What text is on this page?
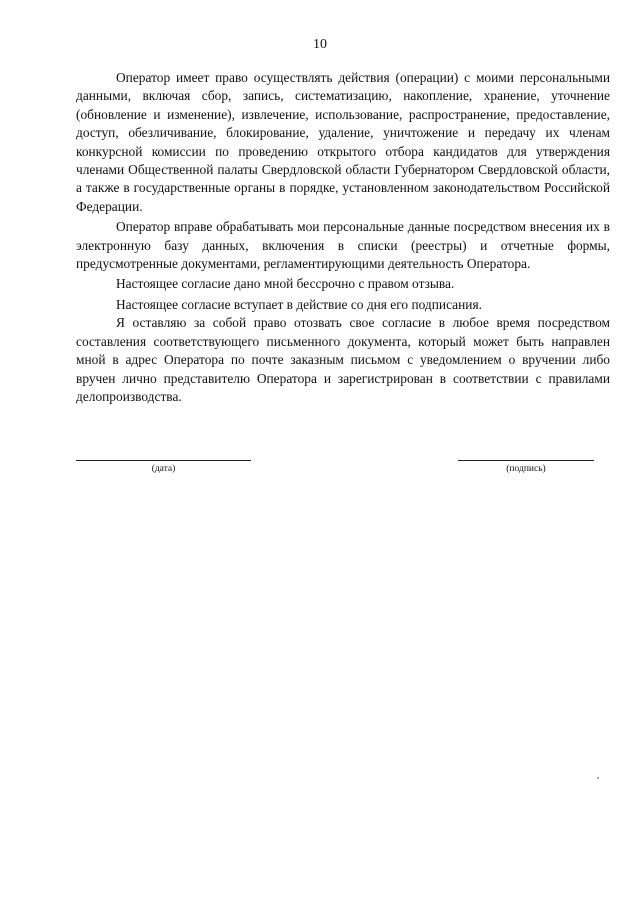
10

Оператор имеет право осуществлять действия (операции) с моими персональными данными, включая сбор, запись, систематизацию, накопление, хранение, уточнение (обновление и изменение), извлечение, использование, распространение, предоставление, доступ, обезличивание, блокирование, удаление, уничтожение и передачу их членам конкурсной комиссии по проведению открытого отбора кандидатов для утверждения членами Общественной палаты Свердловской области Губернатором Свердловской области, а также в государственные органы в порядке, установленном законодательством Российской Федерации.

Оператор вправе обрабатывать мои персональные данные посредством внесения их в электронную базу данных, включения в списки (реестры) и отчетные формы, предусмотренные документами, регламентирующими деятельность Оператора.

Настоящее согласие дано мной бессрочно с правом отзыва.

Настоящее согласие вступает в действие со дня его подписания.

Я оставляю за собой право отозвать свое согласие в любое время посредством составления соответствующего письменного документа, который может быть направлен мной в адрес Оператора по почте заказным письмом с уведомлением о вручении либо вручен лично представителю Оператора и зарегистрирован в соответствии с правилами делопроизводства.

(дата)	(подпись)
